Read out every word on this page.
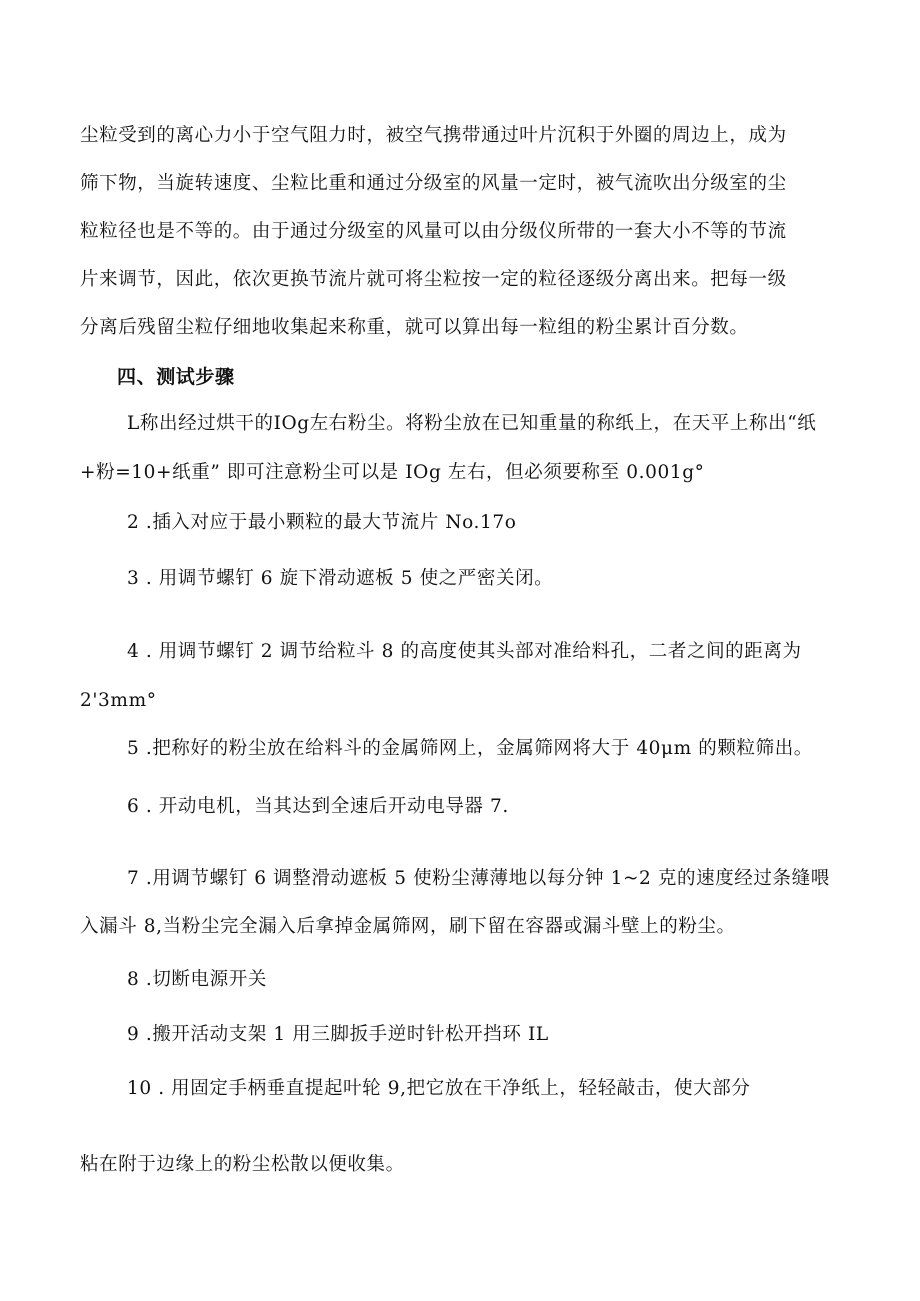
尘粒受到的离心力小于空气阻力时，被空气携带通过叶片沉积于外圈的周边上，成为
筛下物，当旋转速度、尘粒比重和通过分级室的风量一定时，被气流吹出分级室的尘
粒粒径也是不等的。由于通过分级室的风量可以由分级仪所带的一套大小不等的节流
片来调节，因此，依次更换节流片就可将尘粒按一定的粒径逐级分离出来。把每一级
分离后残留尘粒仔细地收集起来称重，就可以算出每一粒组的粉尘累计百分数。
四、测试步骤
L称出经过烘干的IOg左右粉尘。将粉尘放在已知重量的称纸上，在天平上称出“纸
+粉=10+纸重” 即可注意粉尘可以是 IOg 左右，但必须要称至 0.001g°
2 .插入对应于最小颗粒的最大节流片 No.17o
3 . 用调节螺钉 6 旋下滑动遮板 5 使之严密关闭。
4 . 用调节螺钉 2 调节给粒斗 8 的高度使其头部对准给料孔，二者之间的距离为
2'3mm°
5 .把称好的粉尘放在给料斗的金属筛网上，金属筛网将大于 40μm 的颗粒筛出。
6 . 开动电机，当其达到全速后开动电导器 7.
7 .用调节螺钉 6 调整滑动遮板 5 使粉尘薄薄地以每分钟 1~2 克的速度经过条缝喂
入漏斗 8,当粉尘完全漏入后拿掉金属筛网，刷下留在容器或漏斗壁上的粉尘。
8 .切断电源开关
9 .搬开活动支架 1 用三脚扳手逆时针松开挡环 IL
10 . 用固定手柄垂直提起叶轮 9,把它放在干净纸上，轻轻敲击，使大部分
粘在附于边缘上的粉尘松散以便收集。
